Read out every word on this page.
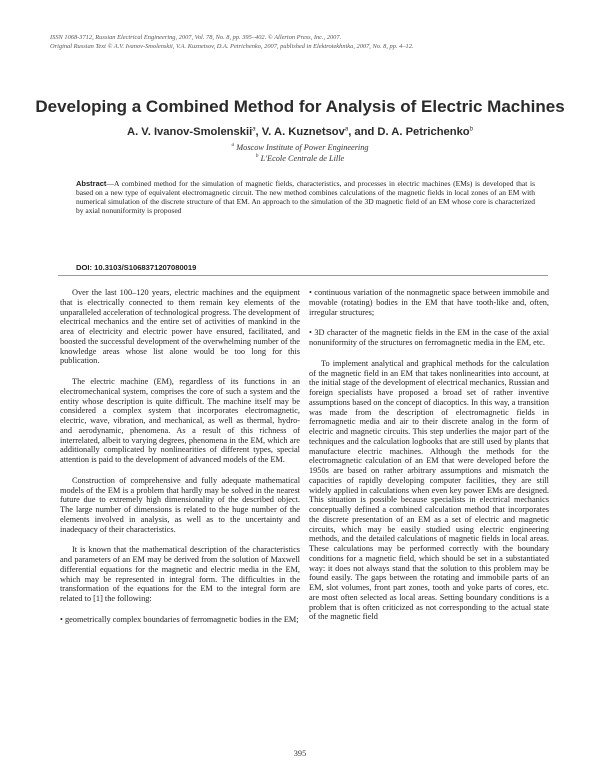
ISSN 1068-3712, Russian Electrical Engineering, 2007, Vol. 78, No. 8, pp. 395–402. © Allerton Press, Inc., 2007.
Original Russian Text © A.V. Ivanov-Smolenskii, V.A. Kuznetsov, D.A. Petrichenko, 2007, published in Elektrotekhnika, 2007, No. 8, pp. 4–12.
Developing a Combined Method for Analysis of Electric Machines
A. V. Ivanov-Smolenskii$^a$, V. A. Kuznetsov$^a$, and D. A. Petrichenko$^b$
$^a$ Moscow Institute of Power Engineering
$^b$ L'Ecole Centrale de Lille
Abstract—A combined method for the simulation of magnetic fields, characteristics, and processes in electric machines (EMs) is developed that is based on a new type of equivalent electromagnetic circuit. The new method combines calculations of the magnetic fields in local zones of an EM with numerical simulation of the discrete structure of that EM. An approach to the simulation of the 3D magnetic field of an EM whose core is characterized by axial nonuniformity is proposed
DOI: 10.3103/S1068371207080019

Over the last 100–120 years, electric machines and the equipment that is electrically connected to them remain key elements of the unparalleled acceleration of technological progress. The development of electrical mechanics and the entire set of activities of mankind in the area of electricity and electric power have ensured, facilitated, and boosted the successful development of the overwhelming number of the knowledge areas whose list alone would be too long for this publication.

The electric machine (EM), regardless of its functions in an electromechanical system, comprises the core of such a system and the entity whose description is quite difficult. The machine itself may be considered a complex system that incorporates electromagnetic, electric, wave, vibration, and mechanical, as well as thermal, hydro- and aerodynamic, phenomena. As a result of this richness of interrelated, albeit to varying degrees, phenomena in the EM, which are additionally complicated by nonlinearities of different types, special attention is paid to the development of advanced models of the EM.

Construction of comprehensive and fully adequate mathematical models of the EM is a problem that hardly may be solved in the nearest future due to extremely high dimensionality of the described object. The large number of dimensions is related to the huge number of the elements involved in analysis, as well as to the uncertainty and inadequacy of their characteristics.

It is known that the mathematical description of the characteristics and parameters of an EM may be derived from the solution of Maxwell differential equations for the magnetic and electric media in the EM, which may be represented in integral form. The difficulties in the transformation of the equations for the EM to the integral form are related to [1] the following:

• geometrically complex boundaries of ferromagnetic bodies in the EM;

• continuous variation of the nonmagnetic space between immobile and movable (rotating) bodies in the EM that have tooth-like and, often, irregular structures;

• 3D character of the magnetic fields in the EM in the case of the axial nonuniformity of the structures on ferromagnetic media in the EM, etc.

To implement analytical and graphical methods for the calculation of the magnetic field in an EM that takes nonlinearities into account, at the initial stage of the development of electrical mechanics, Russian and foreign specialists have proposed a broad set of rather inventive assumptions based on the concept of diacoptics. In this way, a transition was made from the description of electromagnetic fields in ferromagnetic media and air to their discrete analog in the form of electric and magnetic circuits. This step underlies the major part of the techniques and the calculation logbooks that are still used by plants that manufacture electric machines. Although the methods for the electromagnetic calculation of an EM that were developed before the 1950s are based on rather arbitrary assumptions and mismatch the capacities of rapidly developing computer facilities, they are still widely applied in calculations when even key power EMs are designed. This situation is possible because specialists in electrical mechanics conceptually defined a combined calculation method that incorporates the discrete presentation of an EM as a set of electric and magnetic circuits, which may be easily studied using electric engineering methods, and the detailed calculations of magnetic fields in local areas. These calculations may be performed correctly with the boundary conditions for a magnetic field, which should be set in a substantiated way: it does not always stand that the solution to this problem may be found easily. The gaps between the rotating and immobile parts of an EM, slot volumes, front part zones, tooth and yoke parts of cores, etc. are most often selected as local areas. Setting boundary conditions is a problem that is often criticized as not corresponding to the actual state of the magnetic field

395
